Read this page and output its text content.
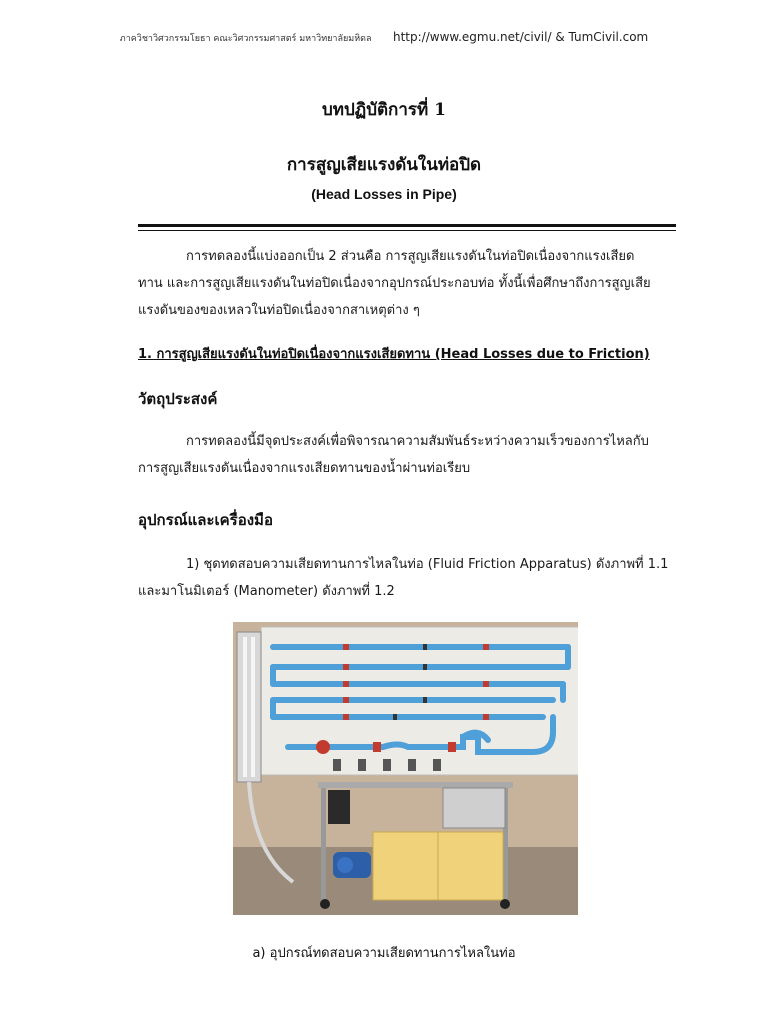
ภาควิชาวิศวกรรมโยธา คณะวิศวกรรมศาสตร์ มหาวิทยาลัยมหิดล http://www.egmu.net/civil/ & TumCivil.com
บทปฏิบัติการที่ 1
การสูญเสียแรงดันในท่อปิด
(Head Losses in Pipe)
การทดลองนี้แบ่งออกเป็น 2 ส่วนคือ การสูญเสียแรงดันในท่อปิดเนื่องจากแรงเสียด
ทาน และการสูญเสียแรงดันในท่อปิดเนื่องจากอุปกรณ์ประกอบท่อ ทั้งนี้เพื่อศึกษาถึงการสูญเสีย
แรงดันของของเหลวในท่อปิดเนื่องจากสาเหตุต่าง ๆ
1. การสูญเสียแรงดันในท่อปิดเนื่องจากแรงเสียดทาน (Head Losses due to Friction)
วัตถุประสงค์
การทดลองนี้มีจุดประสงค์เพื่อพิจารณาความสัมพันธ์ระหว่างความเร็วของการไหลกับ
การสูญเสียแรงดันเนื่องจากแรงเสียดทานของน้ำผ่านท่อเรียบ
อุปกรณ์และเครื่องมือ
1) ชุดทดสอบความเสียดทานการไหลในท่อ (Fluid Friction Apparatus) ดังภาพที่ 1.1
และมาโนมิเตอร์ (Manometer) ดังภาพที่ 1.2
a) อุปกรณ์ทดสอบความเสียดทานการไหลในท่อ
